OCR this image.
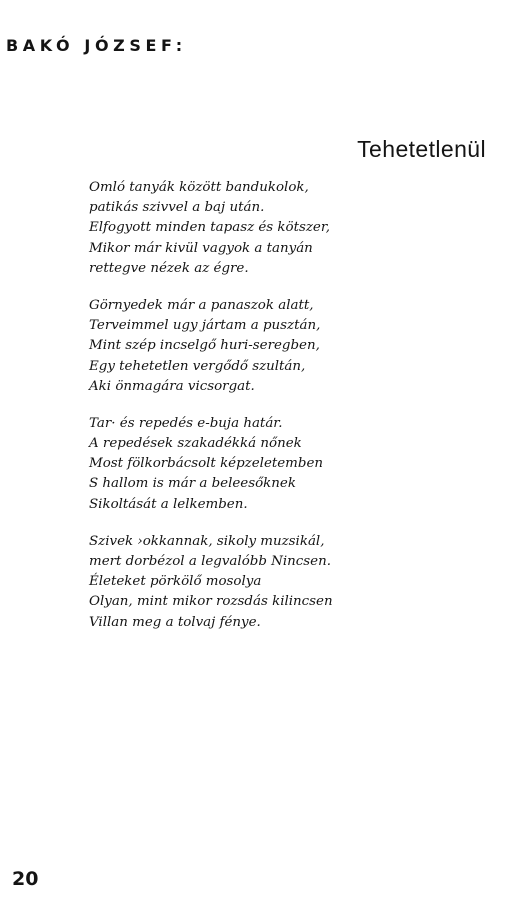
BAKÓ JÓZSEF:
Tehetetlenül
Omló tanyák között bandukolok,
patikás szivvel a baj után.
Elfogyott minden tapasz és kötszer,
Mikor már kivül vagyok a tanyán
rettegve nézek az égre.
Görnyedek már a panaszok alatt,
Terveimmel ugy jártam a pusztán,
Mint szép incselgő huri-seregben,
Egy tehetetlen vergődő szultán,
Aki önmagára vicsorgat.
Tar· és repedés e-buja határ.
A repedések szakadékká nőnek
Most fölkorbácsolt képzeletemben
S hallom is már a beleesőknek
Sikoltását a lelkemben.
Szivek ›okkannak, sikoly muzsikál,
mert dorbézol a legvalóbb Nincsen.
Életeket pörkölő mosolya
Olyan, mint mikor rozsdás kilincsen
Villan meg a tolvaj fénye.
20
